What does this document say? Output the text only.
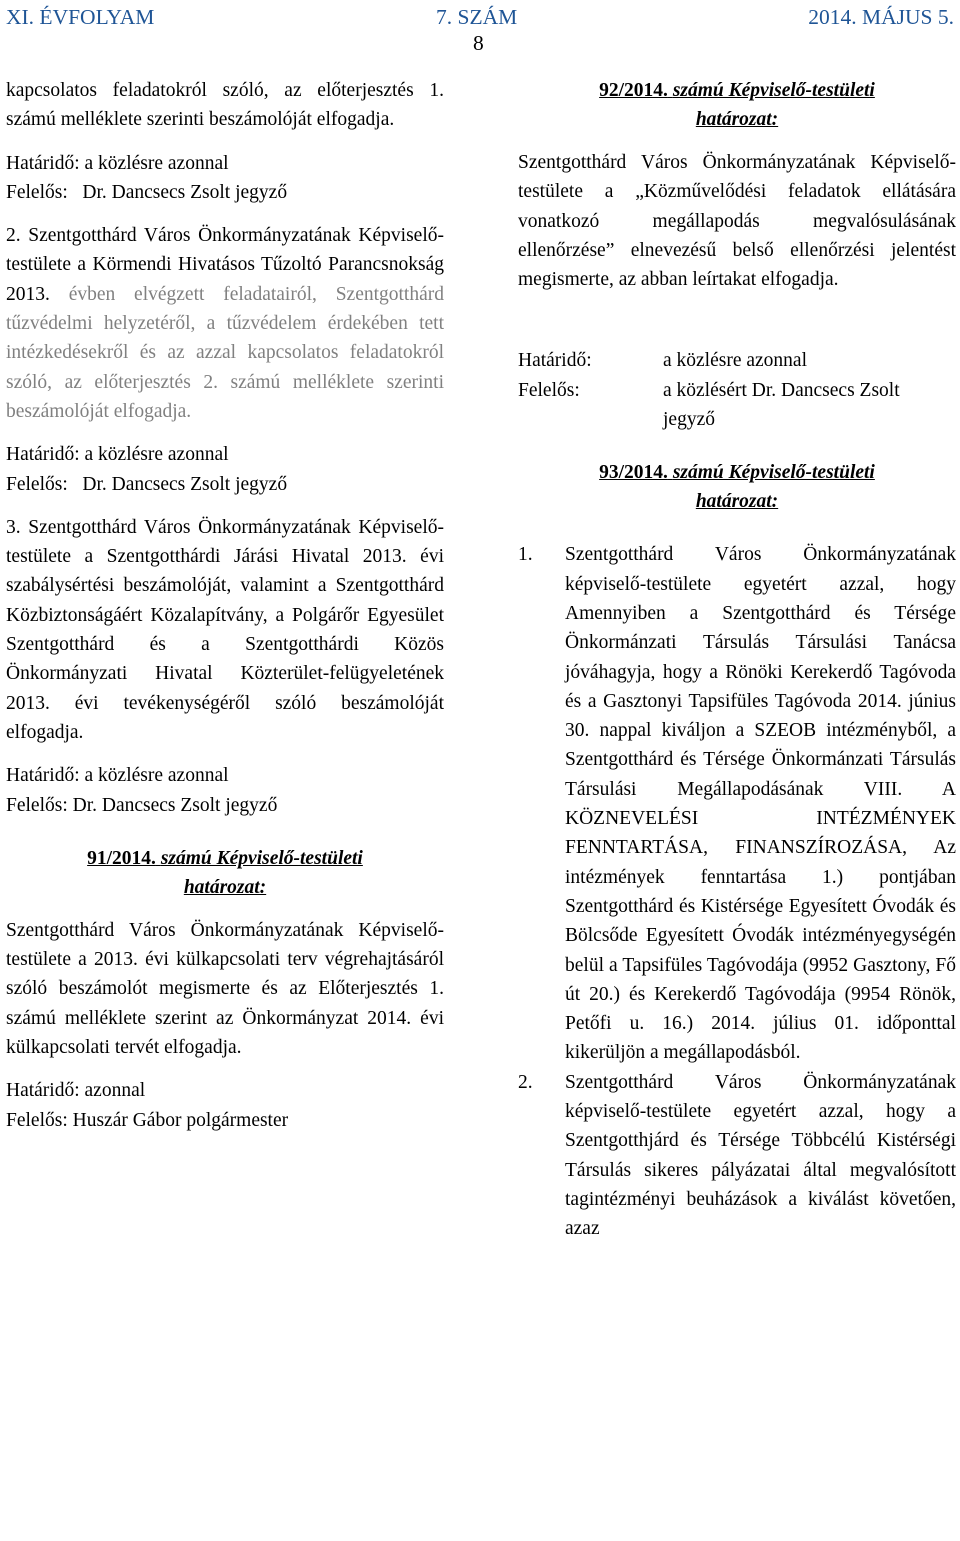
XI. ÉVFOLYAM	7. SZÁM	2014. MÁJUS 5.
8

kapcsolatos feladatokról szóló, az előterjesztés 1. számú melléklete szerinti beszámolóját elfogadja.

Határidő: a közlésre azonnal

Felelős: Dr. Dancsecs Zsolt jegyző

2. Szentgotthárd Város Önkormányzatának Képviselő-testülete a Körmendi Hivatásos Tűzoltó Parancsnokság 2013. évben elvégzett feladatairól, Szentgotthárd tűzvédelmi helyzetéről, a tűzvédelem érdekében tett intézkedésekről és az azzal kapcsolatos feladatokról szóló, az előterjesztés 2. számú melléklete szerinti beszámolóját elfogadja.

Határidő: a közlésre azonnal

Felelős: Dr. Dancsecs Zsolt jegyző

3. Szentgotthárd Város Önkormányzatának Képviselő-testülete a Szentgotthárdi Járási Hivatal 2013. évi szabálysértési beszámolóját, valamint a Szentgotthárd Közbiztonságáért Közalapítvány, a Polgárőr Egyesület Szentgotthárd és a Szentgotthárdi Közös Önkormányzati Hivatal Közterület-felügyeletének 2013. évi tevékenységéről szóló beszámolóját elfogadja.

Határidő: a közlésre azonnal

Felelős: Dr. Dancsecs Zsolt jegyző

91/2014. számú Képviselő-testületi

határozat:

Szentgotthárd Város Önkormányzatának Képviselő-testülete a 2013. évi külkapcsolati terv végrehajtásáról szóló beszámolót megismerte és az Előterjesztés 1. számú melléklete szerint az Önkormányzat 2014. évi külkapcsolati tervét elfogadja.

Határidő: azonnal

Felelős: Huszár Gábor polgármester

92/2014. számú Képviselő-testületi

határozat:

Szentgotthárd Város Önkormányzatának Képviselő-testülete a „Közművelődési feladatok ellátására vonatkozó megállapodás megvalósulásának ellenőrzése” elnevezésű belső ellenőrzési jelentést megismerte, az abban leírtakat elfogadja.

Határidő:	a közlésre azonnal
Felelős:	a közlésért Dr. Dancsecs Zsolt jegyző

93/2014. számú Képviselő-testületi

határozat:

1.	Szentgotthárd Város Önkormányzatának képviselő-testülete egyetért azzal, hogy Amennyiben a Szentgotthárd és Térsége Önkormánzati Társulás Társulási Tanácsa jóváhagyja, hogy a Rönöki Kerekerdő Tagóvoda és a Gasztonyi Tapsifüles Tagóvoda 2014. június 30. nappal kiváljon a SZEOB intézményből, a Szentgotthárd és Térsége Önkormánzati Társulás Társulási Megállapodásának VIII. A KÖZNEVELÉSI INTÉZMÉNYEK FENNTARTÁSA, FINANSZÍROZÁSA, Az intézmények fenntartása 1.) pontjában Szentgotthárd és Kistérsége Egyesített Óvodák és Bölcsőde Egyesített Óvodák intézményegységén belül a Tapsifüles Tagóvodája (9952 Gasztony, Fő út 20.) és Kerekerdő Tagóvodája (9954 Rönök, Petőfi u. 16.) 2014. július 01. időponttal kikerüljön a megállapodásból.
2.	Szentgotthárd Város Önkormányzatának képviselő-testülete egyetért azzal, hogy a Szentgotthjárd és Térsége Többcélú Kistérségi Társulás sikeres pályázatai által megvalósított tagintézményi beuházások a kiválást követően, azaz
